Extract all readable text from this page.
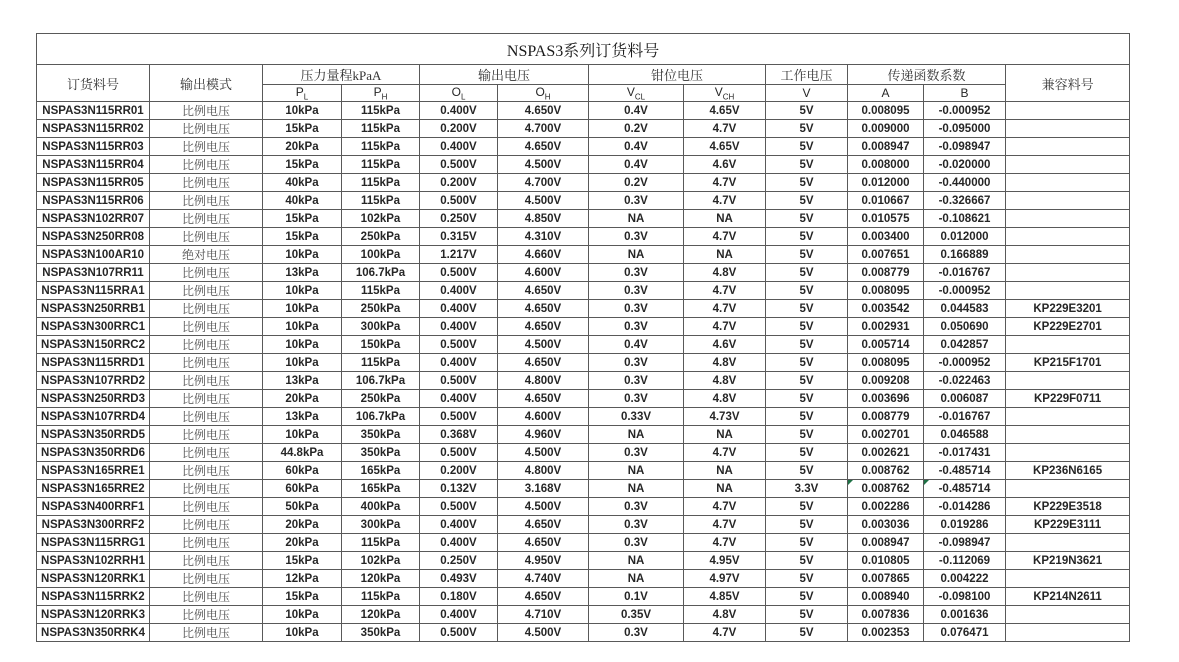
NSPAS3系列订货料号											
订货料号	输出模式	压力量程kPaA		输出电压		钳位电压		工作电压	传递函数系数		兼容料号
		$P_L$	$P_H$	$O_L$	$O_H$	$V_{CL}$	$V_{CH}$	V	A	B	
NSPAS3N115RR01	比例电压	10kPa	115kPa	0.400V	4.650V	0.4V	4.65V	5V	0.008095	-0.000952	
NSPAS3N115RR02	比例电压	15kPa	115kPa	0.200V	4.700V	0.2V	4.7V	5V	0.009000	-0.095000	
NSPAS3N115RR03	比例电压	20kPa	115kPa	0.400V	4.650V	0.4V	4.65V	5V	0.008947	-0.098947	
NSPAS3N115RR04	比例电压	15kPa	115kPa	0.500V	4.500V	0.4V	4.6V	5V	0.008000	-0.020000	
NSPAS3N115RR05	比例电压	40kPa	115kPa	0.200V	4.700V	0.2V	4.7V	5V	0.012000	-0.440000	
NSPAS3N115RR06	比例电压	40kPa	115kPa	0.500V	4.500V	0.3V	4.7V	5V	0.010667	-0.326667	
NSPAS3N102RR07	比例电压	15kPa	102kPa	0.250V	4.850V	NA	NA	5V	0.010575	-0.108621	
NSPAS3N250RR08	比例电压	15kPa	250kPa	0.315V	4.310V	0.3V	4.7V	5V	0.003400	0.012000	
NSPAS3N100AR10	绝对电压	10kPa	100kPa	1.217V	4.660V	NA	NA	5V	0.007651	0.166889	
NSPAS3N107RR11	比例电压	13kPa	106.7kPa	0.500V	4.600V	0.3V	4.8V	5V	0.008779	-0.016767	
NSPAS3N115RRA1	比例电压	10kPa	115kPa	0.400V	4.650V	0.3V	4.7V	5V	0.008095	-0.000952	
NSPAS3N250RRB1	比例电压	10kPa	250kPa	0.400V	4.650V	0.3V	4.7V	5V	0.003542	0.044583	KP229E3201
NSPAS3N300RRC1	比例电压	10kPa	300kPa	0.400V	4.650V	0.3V	4.7V	5V	0.002931	0.050690	KP229E2701
NSPAS3N150RRC2	比例电压	10kPa	150kPa	0.500V	4.500V	0.4V	4.6V	5V	0.005714	0.042857	
NSPAS3N115RRD1	比例电压	10kPa	115kPa	0.400V	4.650V	0.3V	4.8V	5V	0.008095	-0.000952	KP215F1701
NSPAS3N107RRD2	比例电压	13kPa	106.7kPa	0.500V	4.800V	0.3V	4.8V	5V	0.009208	-0.022463	
NSPAS3N250RRD3	比例电压	20kPa	250kPa	0.400V	4.650V	0.3V	4.8V	5V	0.003696	0.006087	KP229F0711
NSPAS3N107RRD4	比例电压	13kPa	106.7kPa	0.500V	4.600V	0.33V	4.73V	5V	0.008779	-0.016767	
NSPAS3N350RRD5	比例电压	10kPa	350kPa	0.368V	4.960V	NA	NA	5V	0.002701	0.046588	
NSPAS3N350RRD6	比例电压	44.8kPa	350kPa	0.500V	4.500V	0.3V	4.7V	5V	0.002621	-0.017431	
NSPAS3N165RRE1	比例电压	60kPa	165kPa	0.200V	4.800V	NA	NA	5V	0.008762	-0.485714	KP236N6165
NSPAS3N165RRE2	比例电压	60kPa	165kPa	0.132V	3.168V	NA	NA	3.3V	0.008762	-0.485714	
NSPAS3N400RRF1	比例电压	50kPa	400kPa	0.500V	4.500V	0.3V	4.7V	5V	0.002286	-0.014286	KP229E3518
NSPAS3N300RRF2	比例电压	20kPa	300kPa	0.400V	4.650V	0.3V	4.7V	5V	0.003036	0.019286	KP229E3111
NSPAS3N115RRG1	比例电压	20kPa	115kPa	0.400V	4.650V	0.3V	4.7V	5V	0.008947	-0.098947	
NSPAS3N102RRH1	比例电压	15kPa	102kPa	0.250V	4.950V	NA	4.95V	5V	0.010805	-0.112069	KP219N3621
NSPAS3N120RRK1	比例电压	12kPa	120kPa	0.493V	4.740V	NA	4.97V	5V	0.007865	0.004222	
NSPAS3N115RRK2	比例电压	15kPa	115kPa	0.180V	4.650V	0.1V	4.85V	5V	0.008940	-0.098100	KP214N2611
NSPAS3N120RRK3	比例电压	10kPa	120kPa	0.400V	4.710V	0.35V	4.8V	5V	0.007836	0.001636	
NSPAS3N350RRK4	比例电压	10kPa	350kPa	0.500V	4.500V	0.3V	4.7V	5V	0.002353	0.076471	
